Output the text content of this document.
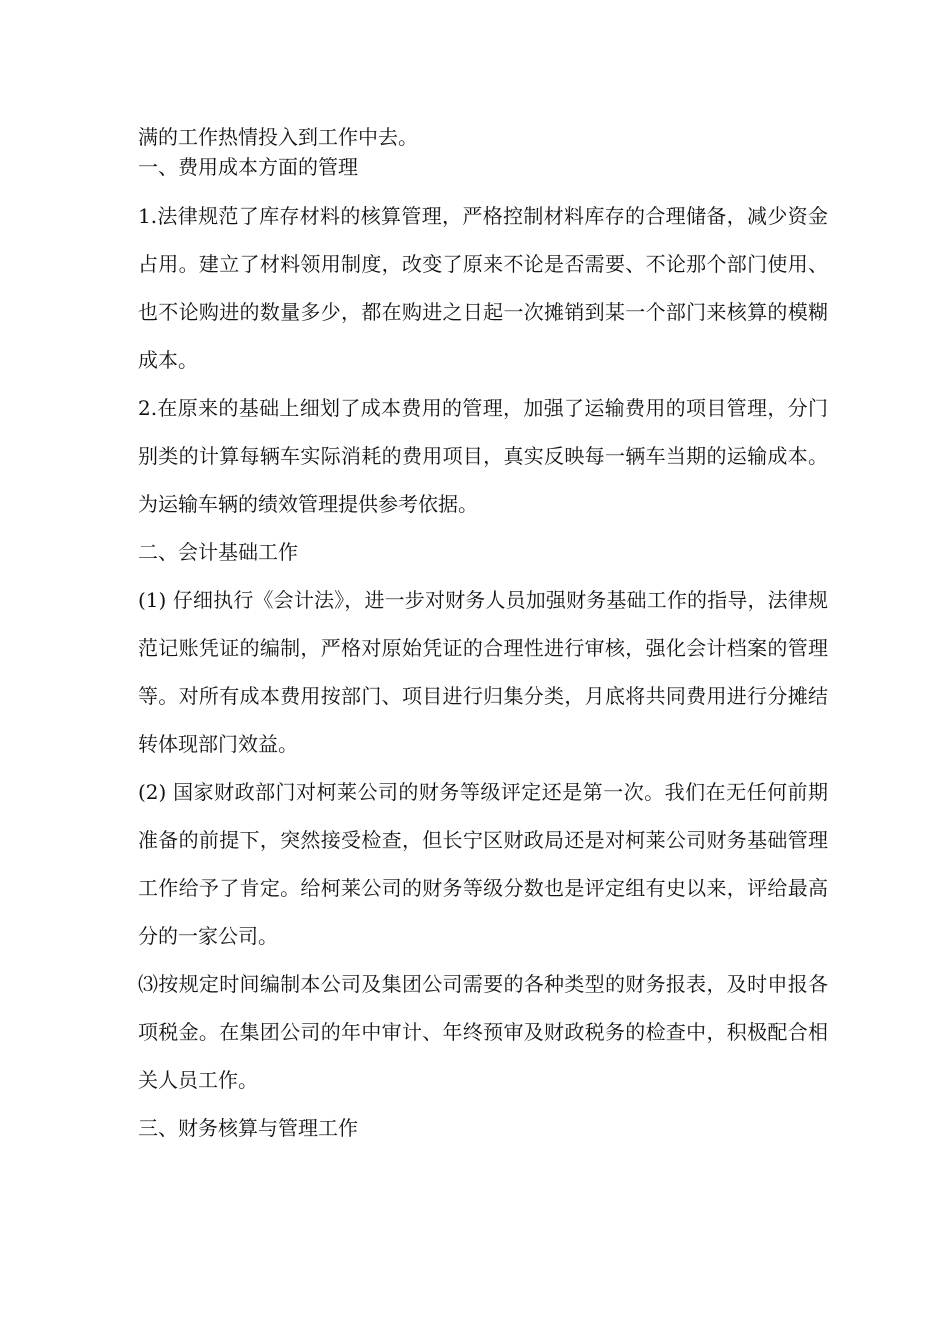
满的工作热情投入到工作中去。

一、费用成本方面的管理

1.法律规范了库存材料的核算管理，严格控制材料库存的合理储备，减少资金占用。建立了材料领用制度，改变了原来不论是否需要、不论那个部门使用、也不论购进的数量多少，都在购进之日起一次摊销到某一个部门来核算的模糊成本。

2.在原来的基础上细划了成本费用的管理，加强了运输费用的项目管理，分门别类的计算每辆车实际消耗的费用项目，真实反映每一辆车当期的运输成本。为运输车辆的绩效管理提供参考依据。

二、会计基础工作

(1) 仔细执行《会计法》，进一步对财务人员加强财务基础工作的指导，法律规范记账凭证的编制，严格对原始凭证的合理性进行审核，强化会计档案的管理等。对所有成本费用按部门、项目进行归集分类，月底将共同费用进行分摊结转体现部门效益。

(2) 国家财政部门对柯莱公司的财务等级评定还是第一次。我们在无任何前期准备的前提下，突然接受检查，但长宁区财政局还是对柯莱公司财务基础管理工作给予了肯定。给柯莱公司的财务等级分数也是评定组有史以来，评给最高分的一家公司。

⑶按规定时间编制本公司及集团公司需要的各种类型的财务报表，及时申报各项税金。在集团公司的年中审计、年终预审及财政税务的检查中，积极配合相关人员工作。

三、财务核算与管理工作
